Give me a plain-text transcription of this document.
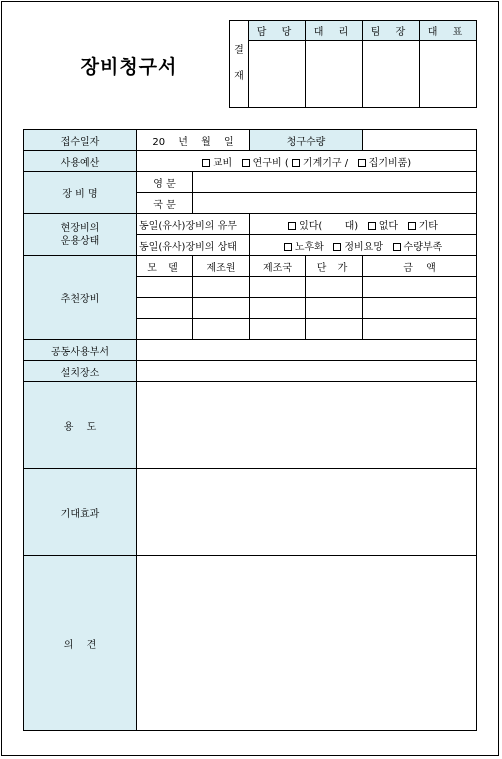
장비청구서
결
재	담 당	대 리	팀 장	대 표

접수일자	20　 년　 월　 일		청구수량		
사용예산	교비 연구비 ( 기계기구 / 집기비품)				
장 비 명	영 문				
	국 문				

현장비의
운용상태	동일(유사)장비의 유무		있다( 대) 없다 기타		
	동일(유사)장비의 상태		노후화 정비요망 수량부족		
추천장비	모 델	제조원	제조국	단 가	금　 액

공동사용부서					
설치장소					
용　 도					
기대효과					
의　 견					
